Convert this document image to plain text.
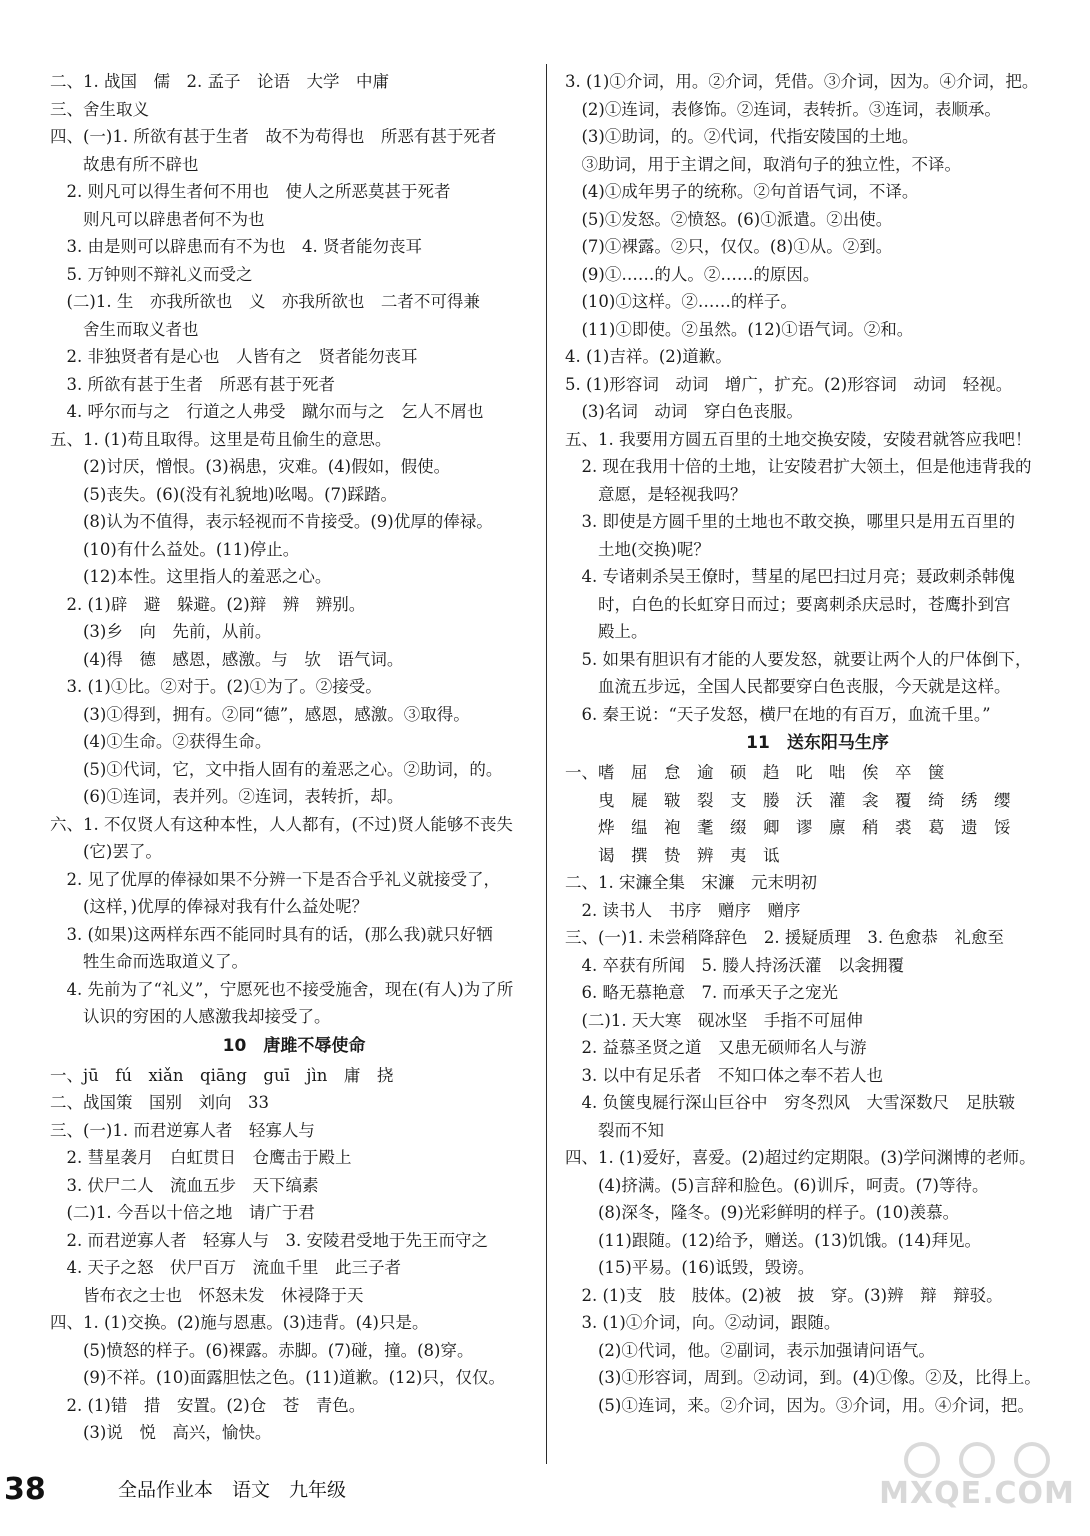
二、1. 战国　儒　2. 孟子　论语　大学　中庸
三、舍生取义
四、(一)1. 所欲有甚于生者　故不为苟得也　所恶有甚于死者
　　故患有所不辟也
　2. 则凡可以得生者何不用也　使人之所恶莫甚于死者
　　则凡可以辟患者何不为也
　3. 由是则可以辟患而有不为也　4. 贤者能勿丧耳
　5. 万钟则不辩礼义而受之
　(二)1. 生　亦我所欲也　义　亦我所欲也　二者不可得兼
　　舍生而取义者也
　2. 非独贤者有是心也　人皆有之　贤者能勿丧耳
　3. 所欲有甚于生者　所恶有甚于死者
　4. 呼尔而与之　行道之人弗受　蹴尔而与之　乞人不屑也
五、1. (1)苟且取得。这里是苟且偷生的意思。
　　(2)讨厌，憎恨。(3)祸患，灾难。(4)假如，假使。
　　(5)丧失。(6)(没有礼貌地)吆喝。(7)踩踏。
　　(8)认为不值得，表示轻视而不肯接受。(9)优厚的俸禄。
　　(10)有什么益处。(11)停止。
　　(12)本性。这里指人的羞恶之心。
　2. (1)辟　避　躲避。(2)辩　辨　辨别。
　　(3)乡　向　先前，从前。
　　(4)得　德　感恩，感激。与　欤　语气词。
　3. (1)①比。②对于。(2)①为了。②接受。
　　(3)①得到，拥有。②同“德”，感恩，感激。③取得。
　　(4)①生命。②获得生命。
　　(5)①代词，它，文中指人固有的羞恶之心。②助词，的。
　　(6)①连词，表并列。②连词，表转折，却。
六、1. 不仅贤人有这种本性，人人都有，(不过)贤人能够不丧失
　　(它)罢了。
　2. 见了优厚的俸禄如果不分辨一下是否合乎礼义就接受了，
　　(这样，)优厚的俸禄对我有什么益处呢？
　3. (如果)这两样东西不能同时具有的话，(那么我)就只好牺
　　牲生命而选取道义了。
　4. 先前为了“礼义”，宁愿死也不接受施舍，现在(有人)为了所
　　认识的穷困的人感激我却接受了。
10　唐雎不辱使命
一、jū　fú　xiǎn　qiāng　guī　jìn　庸　挠
二、战国策　国别　刘向　33
三、(一)1. 而君逆寡人者　轻寡人与
　2. 彗星袭月　白虹贯日　仓鹰击于殿上
　3. 伏尸二人　流血五步　天下缟素
　(二)1. 今吾以十倍之地　请广于君
　2. 而君逆寡人者　轻寡人与　3. 安陵君受地于先王而守之
　4. 天子之怒　伏尸百万　流血千里　此三子者
　　皆布衣之士也　怀怒未发　休祲降于天
四、1. (1)交换。(2)施与恩惠。(3)违背。(4)只是。
　　(5)愤怒的样子。(6)裸露。赤脚。(7)碰，撞。(8)穿。
　　(9)不祥。(10)面露胆怯之色。(11)道歉。(12)只，仅仅。
　2. (1)错　措　安置。(2)仓　苍　青色。
　　(3)说　悦　高兴，愉快。
3. (1)①介词，用。②介词，凭借。③介词，因为。④介词，把。
　(2)①连词，表修饰。②连词，表转折。③连词，表顺承。
　(3)①助词，的。②代词，代指安陵国的土地。
　③助词，用于主谓之间，取消句子的独立性，不译。
　(4)①成年男子的统称。②句首语气词，不译。
　(5)①发怒。②愤怒。(6)①派遣。②出使。
　(7)①裸露。②只，仅仅。(8)①从。②到。
　(9)①……的人。②……的原因。
　(10)①这样。②……的样子。
　(11)①即使。②虽然。(12)①语气词。②和。
4. (1)吉祥。(2)道歉。
5. (1)形容词　动词　增广，扩充。(2)形容词　动词　轻视。
　(3)名词　动词　穿白色丧服。
五、1. 我要用方圆五百里的土地交换安陵，安陵君就答应我吧！
　2. 现在我用十倍的土地，让安陵君扩大领土，但是他违背我的
　　意愿，是轻视我吗？
　3. 即使是方圆千里的土地也不敢交换，哪里只是用五百里的
　　土地(交换)呢？
　4. 专诸刺杀吴王僚时，彗星的尾巴扫过月亮；聂政刺杀韩傀
　　时，白色的长虹穿日而过；要离刺杀庆忌时，苍鹰扑到宫
　　殿上。
　5. 如果有胆识有才能的人要发怒，就要让两个人的尸体倒下，
　　血流五步远，全国人民都要穿白色丧服，今天就是这样。
　6. 秦王说：“天子发怒，横尸在地的有百万，血流千里。”
11　送东阳马生序
一、嗜　屈　怠　逾　硕　趋　叱　咄　俟　卒　箧
　　曳　屣　皲　裂　支　媵　沃　灌　衾　覆　绮　绣　缨
　　烨　缊　袍　耄　缀　卿　谬　廪　稍　裘　葛　遗　馁
　　谒　撰　贽　辨　夷　诋
二、1. 宋濂全集　宋濂　元末明初
　2. 读书人　书序　赠序　赠序
三、(一)1. 未尝稍降辞色　2. 援疑质理　3. 色愈恭　礼愈至
　4. 卒获有所闻　5. 媵人持汤沃灌　以衾拥覆
　6. 略无慕艳意　7. 而承天子之宠光
　(二)1. 天大寒　砚冰坚　手指不可屈伸
　2. 益慕圣贤之道　又患无硕师名人与游
　3. 以中有足乐者　不知口体之奉不若人也
　4. 负箧曳屣行深山巨谷中　穷冬烈风　大雪深数尺　足肤皲
　　裂而不知
四、1. (1)爱好，喜爱。(2)超过约定期限。(3)学问渊博的老师。
　　(4)挤满。(5)言辞和脸色。(6)训斥，呵责。(7)等待。
　　(8)深冬，隆冬。(9)光彩鲜明的样子。(10)羡慕。
　　(11)跟随。(12)给予，赠送。(13)饥饿。(14)拜见。
　　(15)平易。(16)诋毁，毁谤。
　2. (1)支　肢　肢体。(2)被　披　穿。(3)辨　辩　辩驳。
　3. (1)①介词，向。②动词，跟随。
　　(2)①代词，他。②副词，表示加强请问语气。
　　(3)①形容词，周到。②动词，到。(4)①像。②及，比得上。
　　(5)①连词，来。②介词，因为。③介词，用。④介词，把。
38	全品作业本　语文　九年级	MXQE.COM
